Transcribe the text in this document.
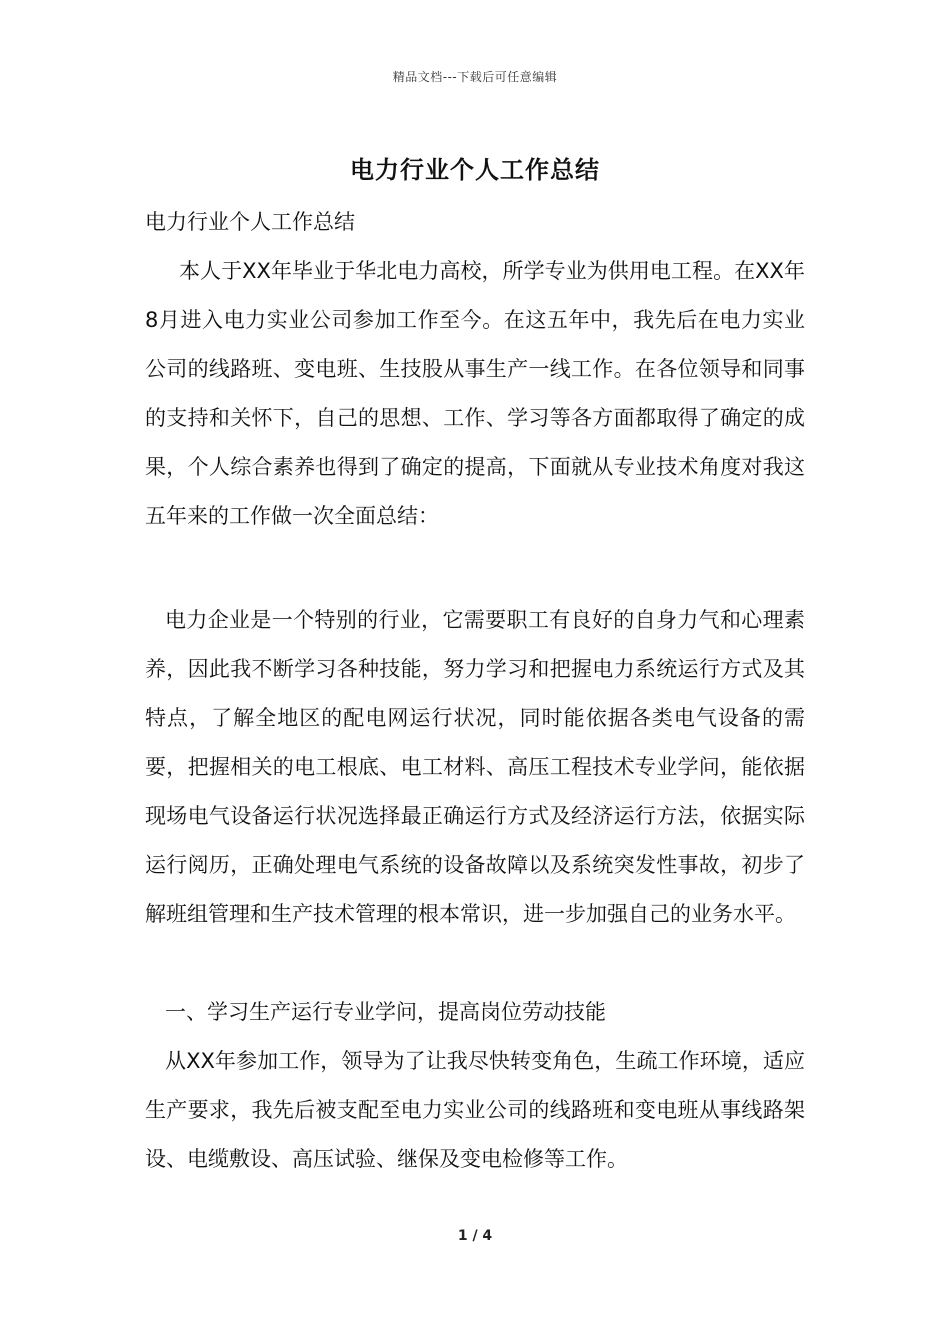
精品文档---下载后可任意编辑
电力行业个人工作总结
电力行业个人工作总结
本人于XX年毕业于华北电力高校，所学专业为供用电工程。在XX年8月进入电力实业公司参加工作至今。在这五年中，我先后在电力实业公司的线路班、变电班、生技股从事生产一线工作。在各位领导和同事的支持和关怀下，自己的思想、工作、学习等各方面都取得了确定的成果，个人综合素养也得到了确定的提高，下面就从专业技术角度对我这五年来的工作做一次全面总结：
电力企业是一个特别的行业，它需要职工有良好的自身力气和心理素养，因此我不断学习各种技能，努力学习和把握电力系统运行方式及其特点，了解全地区的配电网运行状况，同时能依据各类电气设备的需要，把握相关的电工根底、电工材料、高压工程技术专业学问，能依据现场电气设备运行状况选择最正确运行方式及经济运行方法，依据实际运行阅历，正确处理电气系统的设备故障以及系统突发性事故，初步了解班组管理和生产技术管理的根本常识，进一步加强自己的业务水平。
一、学习生产运行专业学问，提高岗位劳动技能
从XX年参加工作，领导为了让我尽快转变角色，生疏工作环境，适应生产要求，我先后被支配至电力实业公司的线路班和变电班从事线路架设、电缆敷设、高压试验、继保及变电检修等工作。
1 / 4
